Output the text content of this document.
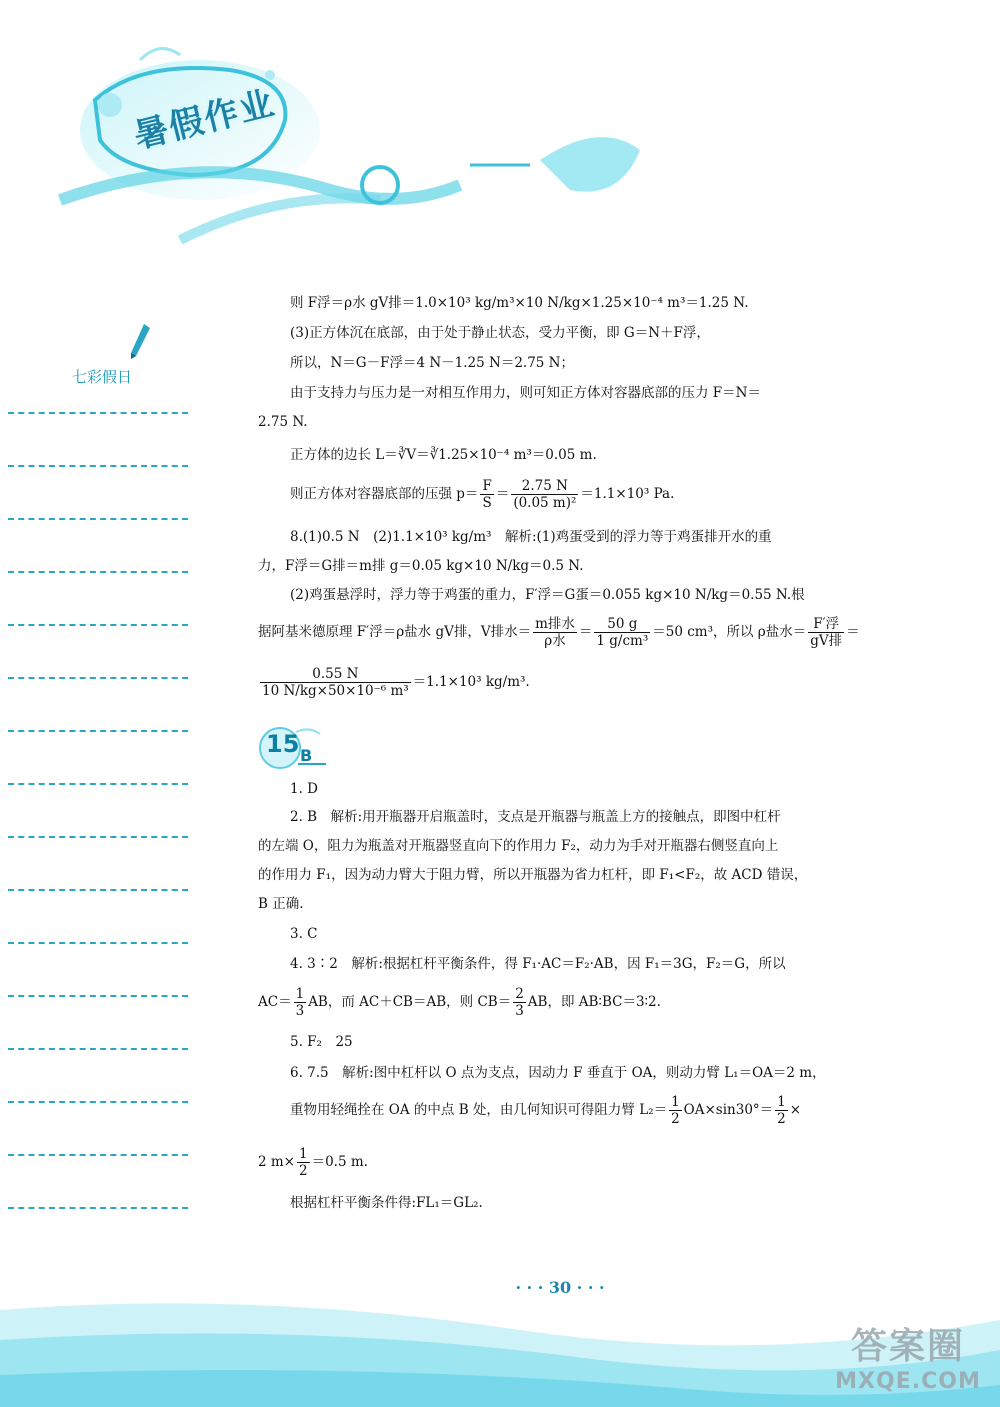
暑假作业
七彩假日
则 F浮＝ρ水 gV排＝1.0×10³ kg/m³×10 N/kg×1.25×10⁻⁴ m³＝1.25 N.
(3)正方体沉在底部，由于处于静止状态，受力平衡，即 G＝N＋F浮，
所以，N＝G－F浮＝4 N－1.25 N＝2.75 N；
由于支持力与压力是一对相互作用力，则可知正方体对容器底部的压力 F＝N＝
2.75 N.
正方体的边长 L＝∛V＝∛1.25×10⁻⁴ m³＝0.05 m.
则正方体对容器底部的压强 $p= \frac{F}{S} = \frac{2.75 N}{\text{(0.05 m)²}} =1.1\times 10^3$ Pa.
8.(1)0.5 N　(2)1.1×10³ kg/m³　解析:(1)鸡蛋受到的浮力等于鸡蛋排开水的重
力，F浮＝G排＝m排 g＝0.05 kg×10 N/kg＝0.5 N.
(2)鸡蛋悬浮时，浮力等于鸡蛋的重力，F′浮＝G蛋＝0.055 kg×10 N/kg＝0.55 N.根
据阿基米德原理 F′浮＝ρ盐水 gV排，V排水＝ $\frac{\text{m排水}}{\text{ρ水}} = \frac{50 g}{\text{1 g/cm³}} =50$ cm³，所以 ρ盐水＝ $\frac{\text{F′浮}}{\text{gV排}}$ ＝
$\frac{0.55 N}{\text{10 N/kg×50×10⁻⁶ m³}} =1.1\times 10^3$ kg/m³.
15 B
1. D
2. B　解析:用开瓶器开启瓶盖时，支点是开瓶器与瓶盖上方的接触点，即图中杠杆
的左端 O，阻力为瓶盖对开瓶器竖直向下的作用力 F₂，动力为手对开瓶器右侧竖直向上
的作用力 F₁，因为动力臂大于阻力臂，所以开瓶器为省力杠杆，即 F₁<F₂，故 ACD 错误，
B 正确.
3. C
4. 3∶2　解析:根据杠杆平衡条件，得 F₁·AC＝F₂·AB，因 F₁＝3G，F₂＝G，所以
$AC= \frac{1}{3}$ AB，而 AC＋CB＝AB，则 $CB= \frac{2}{3}$ AB，即 AB∶BC＝3∶2.
5. F₂　25
6. 7.5　解析:图中杠杆以 O 点为支点，因动力 F 垂直于 OA，则动力臂 L₁＝OA＝2 m，
重物用轻绳拴在 OA 的中点 B 处，由几何知识可得阻力臂 $L_2= \frac{1}{2} OA\times\sin 30^\circ= \frac{1}{2}$ ×
2 $m\times \frac{1}{2} =0.5$ m.
根据杠杆平衡条件得:FL₁＝GL₂.
· · · 30 · · ·
答案圈
MXQE.COM
